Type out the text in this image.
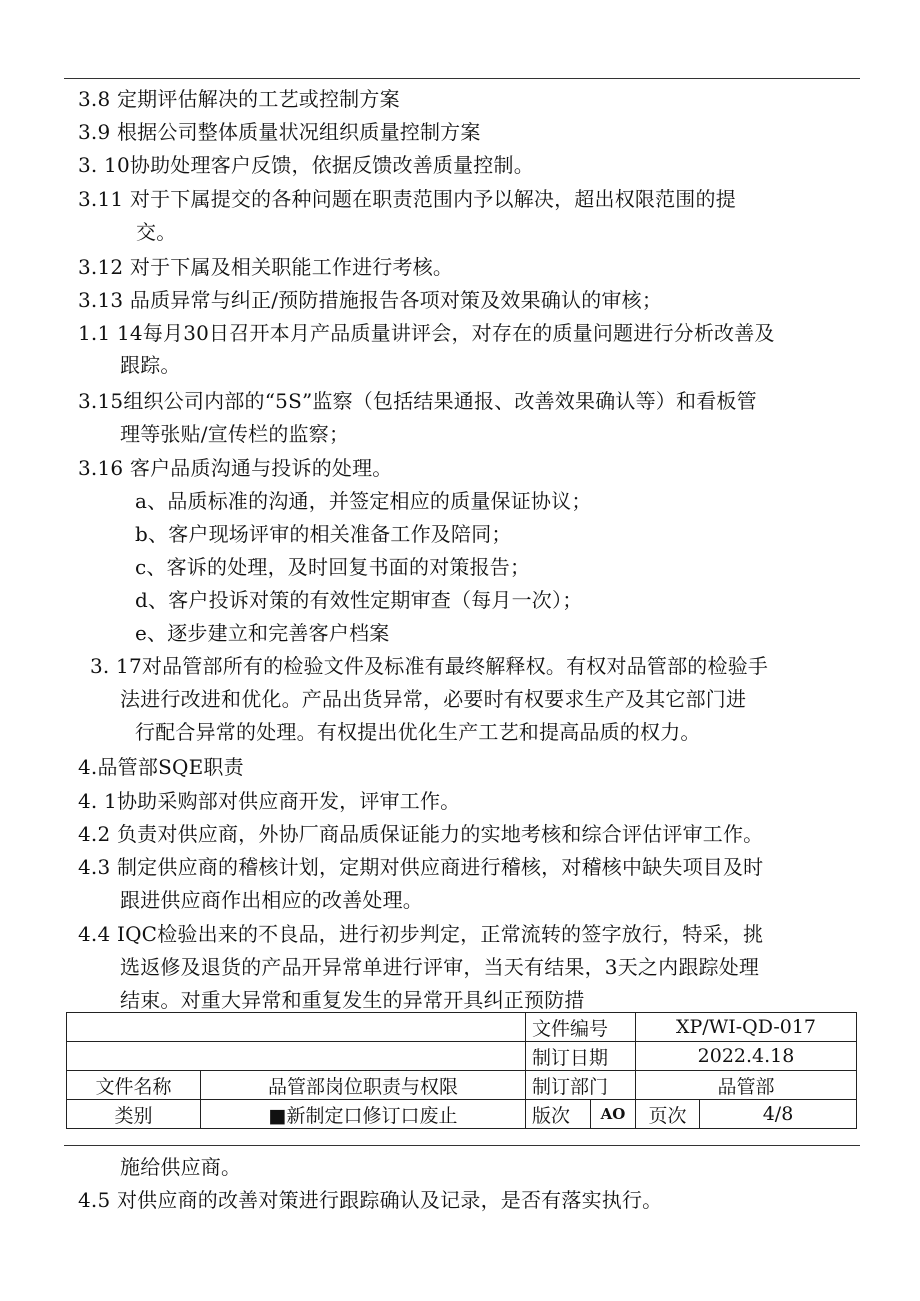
3.8 定期评估解决的工艺或控制方案
3.9 根据公司整体质量状况组织质量控制方案
3. 10协助处理客户反馈，依据反馈改善质量控制。
3.11 对于下属提交的各种问题在职责范围内予以解决，超出权限范围的提
交。
3.12 对于下属及相关职能工作进行考核。
3.13 品质异常与纠正/预防措施报告各项对策及效果确认的审核；
1.1 14每月30日召开本月产品质量讲评会，对存在的质量问题进行分析改善及
跟踪。
3.15组织公司内部的“5S”监察（包括结果通报、改善效果确认等）和看板管
理等张贴/宣传栏的监察；
3.16 客户品质沟通与投诉的处理。
a、品质标准的沟通，并签定相应的质量保证协议；
b、客户现场评审的相关准备工作及陪同；
c、客诉的处理，及时回复书面的对策报告；
d、客户投诉对策的有效性定期审查（每月一次）；
e、逐步建立和完善客户档案
3. 17对品管部所有的检验文件及标准有最终解释权。有权对品管部的检验手
法进行改进和优化。产品出货异常，必要时有权要求生产及其它部门进
行配合异常的处理。有权提出优化生产工艺和提高品质的权力。
4.品管部SQE职责
4. 1协助采购部对供应商开发，评审工作。
4.2 负责对供应商，外协厂商品质保证能力的实地考核和综合评估评审工作。
4.3 制定供应商的稽核计划，定期对供应商进行稽核，对稽核中缺失项目及时
跟进供应商作出相应的改善处理。
4.4 IQC检验出来的不良品，进行初步判定，正常流转的签字放行，特采，挑
选返修及退货的产品开异常单进行评审，当天有结果，3天之内跟踪处理
结束。对重大异常和重复发生的异常开具纠正预防措
		文件编号		XP/WI-QD-017	
		制订日期		2022.4.18	
文件名称	品管部岗位职责与权限	制订部门		品管部	
类别	■新制定口修订口废止	版次	AO	页次	4/8
施给供应商。
4.5 对供应商的改善对策进行跟踪确认及记录，是否有落实执行。
